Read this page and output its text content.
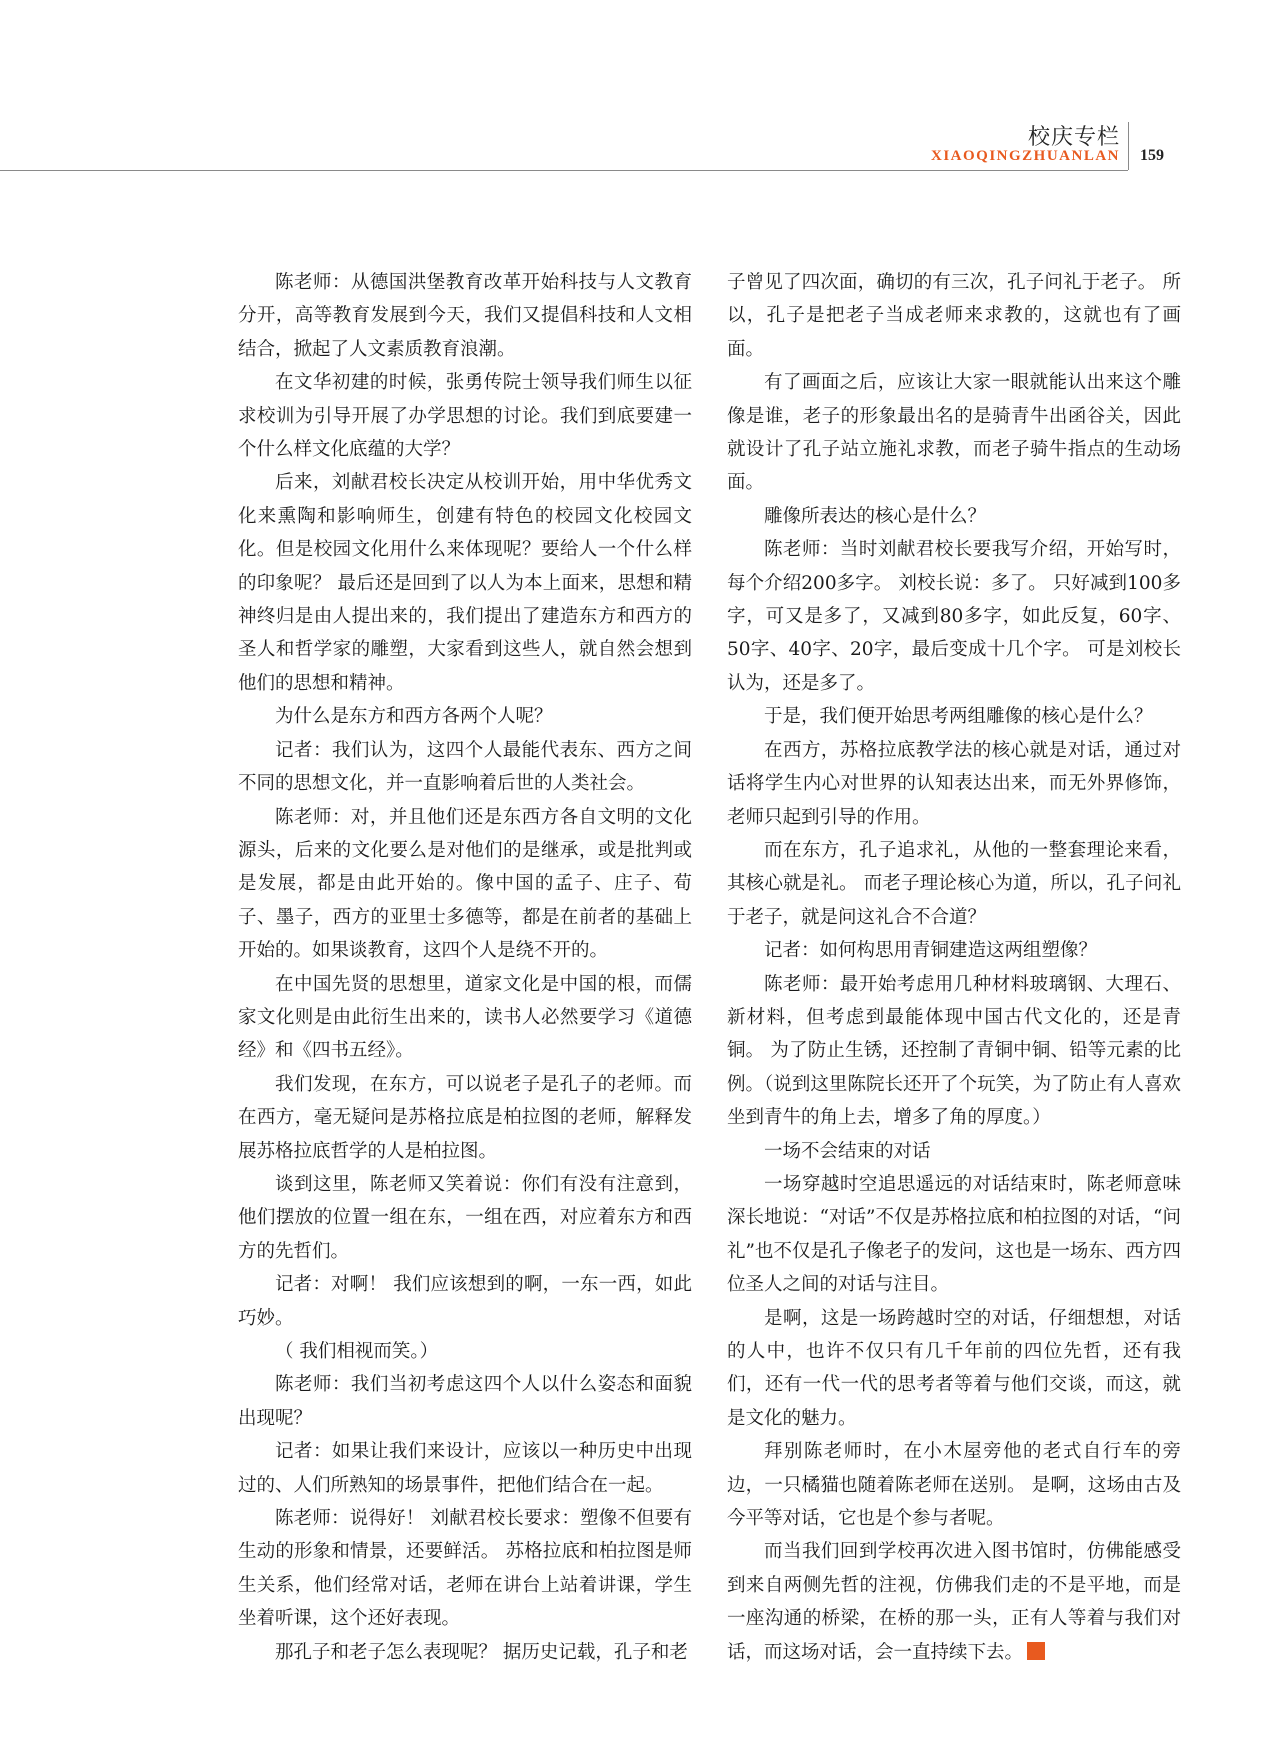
校庆专栏
XIAOQINGZHUANLAN 159

陈老师：从德国洪堡教育改革开始科技与人文教育分开，高等教育发展到今天，我们又提倡科技和人文相结合，掀起了人文素质教育浪潮。

在文华初建的时候，张勇传院士领导我们师生以征求校训为引导开展了办学思想的讨论。我们到底要建一个什么样文化底蕴的大学？

后来，刘献君校长决定从校训开始，用中华优秀文化来熏陶和影响师生，创建有特色的校园文化校园文化。但是校园文化用什么来体现呢？要给人一个什么样的印象呢？ 最后还是回到了以人为本上面来，思想和精神终归是由人提出来的，我们提出了建造东方和西方的圣人和哲学家的雕塑，大家看到这些人，就自然会想到他们的思想和精神。

为什么是东方和西方各两个人呢？

记者：我们认为，这四个人最能代表东、西方之间不同的思想文化，并一直影响着后世的人类社会。

陈老师：对，并且他们还是东西方各自文明的文化源头，后来的文化要么是对他们的是继承，或是批判或是发展，都是由此开始的。像中国的孟子、庄子、荀子、墨子，西方的亚里士多德等，都是在前者的基础上开始的。如果谈教育，这四个人是绕不开的。

在中国先贤的思想里，道家文化是中国的根，而儒家文化则是由此衍生出来的，读书人必然要学习《道德经》和《四书五经》。

我们发现，在东方，可以说老子是孔子的老师。而在西方，毫无疑问是苏格拉底是柏拉图的老师，解释发展苏格拉底哲学的人是柏拉图。

谈到这里，陈老师又笑着说：你们有没有注意到，他们摆放的位置一组在东，一组在西，对应着东方和西方的先哲们。

记者：对啊！ 我们应该想到的啊，一东一西，如此巧妙。

（ 我们相视而笑。）

陈老师：我们当初考虑这四个人以什么姿态和面貌出现呢？

记者：如果让我们来设计，应该以一种历史中出现过的、人们所熟知的场景事件，把他们结合在一起。

陈老师：说得好！ 刘献君校长要求：塑像不但要有生动的形象和情景，还要鲜活。 苏格拉底和柏拉图是师生关系，他们经常对话，老师在讲台上站着讲课，学生坐着听课，这个还好表现。

那孔子和老子怎么表现呢？ 据历史记载，孔子和老

子曾见了四次面，确切的有三次，孔子问礼于老子。 所以，孔子是把老子当成老师来求教的，这就也有了画面。

有了画面之后，应该让大家一眼就能认出来这个雕像是谁，老子的形象最出名的是骑青牛出函谷关，因此就设计了孔子站立施礼求教，而老子骑牛指点的生动场面。

雕像所表达的核心是什么？

陈老师：当时刘献君校长要我写介绍，开始写时，每个介绍200多字。 刘校长说：多了。 只好减到100多字，可又是多了，又减到80多字，如此反复，60字、50字、40字、20字，最后变成十几个字。 可是刘校长认为，还是多了。

于是，我们便开始思考两组雕像的核心是什么？

在西方，苏格拉底教学法的核心就是对话，通过对话将学生内心对世界的认知表达出来，而无外界修饰，老师只起到引导的作用。

而在东方，孔子追求礼，从他的一整套理论来看，其核心就是礼。 而老子理论核心为道，所以，孔子问礼于老子，就是问这礼合不合道？

记者：如何构思用青铜建造这两组塑像？

陈老师：最开始考虑用几种材料玻璃钢、大理石、新材料，但考虑到最能体现中国古代文化的，还是青铜。 为了防止生锈，还控制了青铜中铜、铅等元素的比例。（说到这里陈院长还开了个玩笑，为了防止有人喜欢坐到青牛的角上去，增多了角的厚度。）

一场不会结束的对话

一场穿越时空追思遥远的对话结束时，陈老师意味深长地说：“对话”不仅是苏格拉底和柏拉图的对话，“问礼”也不仅是孔子像老子的发问，这也是一场东、西方四位圣人之间的对话与注目。

是啊，这是一场跨越时空的对话，仔细想想，对话的人中，也许不仅只有几千年前的四位先哲，还有我们，还有一代一代的思考者等着与他们交谈，而这，就是文化的魅力。

拜别陈老师时，在小木屋旁他的老式自行车的旁边，一只橘猫也随着陈老师在送别。 是啊，这场由古及今平等对话，它也是个参与者呢。

而当我们回到学校再次进入图书馆时，仿佛能感受到来自两侧先哲的注视，仿佛我们走的不是平地，而是一座沟通的桥梁，在桥的那一头，正有人等着与我们对话，而这场对话，会一直持续下去。
